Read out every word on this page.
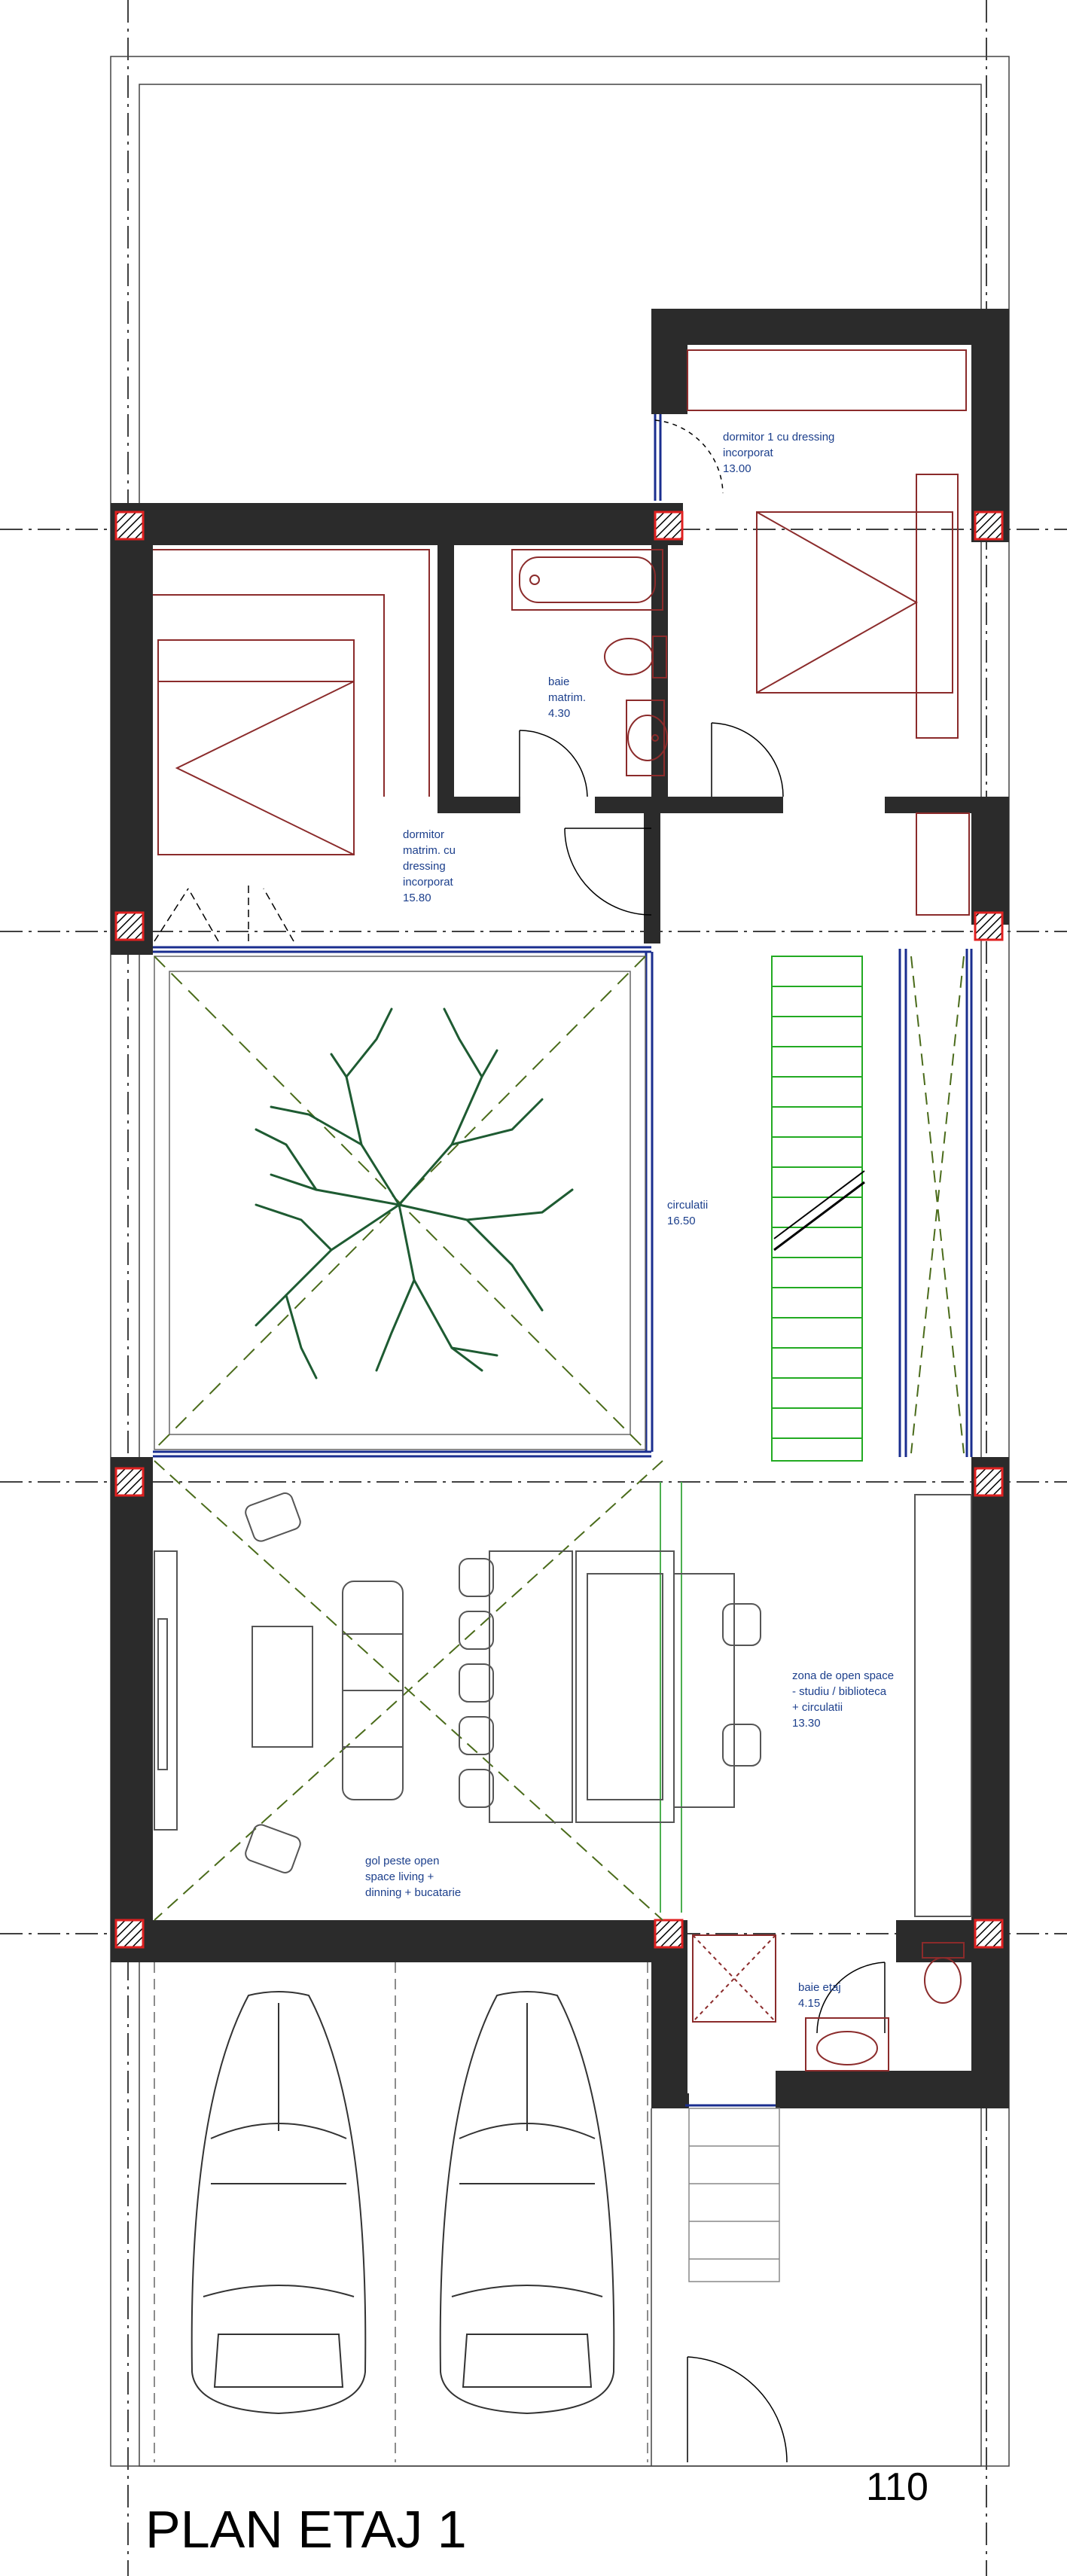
dormitor 1 cu dressing incorporat 13.00
baie matrim. 4.30
dormitor matrim. cu dressing incorporat 15.80
circulatii 16.50
zona de open space - studiu / biblioteca + circulatii 13.30
gol peste open space living + dinning + bucatarie
baie etaj 4.15
PLAN ETAJ 1
110
